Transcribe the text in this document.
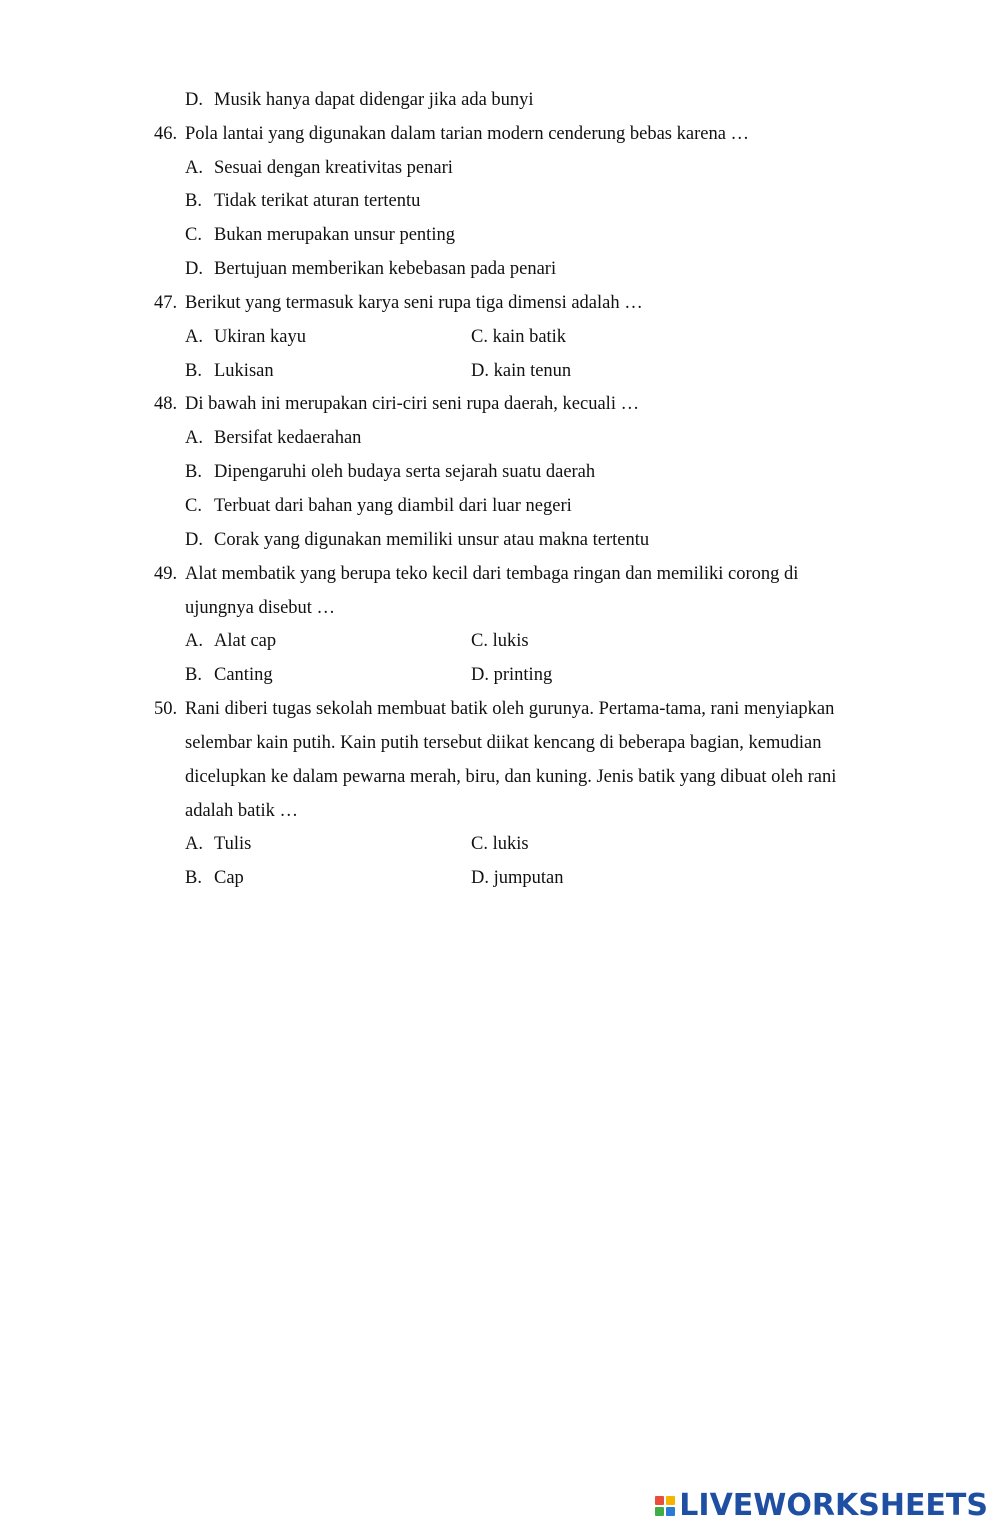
D. Musik hanya dapat didengar jika ada bunyi
46. Pola lantai yang digunakan dalam tarian modern cenderung bebas karena …
A. Sesuai dengan kreativitas penari
B. Tidak terikat aturan tertentu
C. Bukan merupakan unsur penting
D. Bertujuan memberikan kebebasan pada penari
47. Berikut yang termasuk karya seni rupa tiga dimensi adalah …
A. Ukiran kayu	C. kain batik
B. Lukisan	D. kain tenun
48. Di bawah ini merupakan ciri-ciri seni rupa daerah, kecuali …
A. Bersifat kedaerahan
B. Dipengaruhi oleh budaya serta sejarah suatu daerah
C. Terbuat dari bahan yang diambil dari luar negeri
D. Corak yang digunakan memiliki unsur atau makna tertentu
49. Alat membatik yang berupa teko kecil dari tembaga ringan dan memiliki corong di
ujungnya disebut …
A. Alat cap	C. lukis
B. Canting	D. printing
50. Rani diberi tugas sekolah membuat batik oleh gurunya. Pertama-tama, rani menyiapkan
selembar kain putih. Kain putih tersebut diikat kencang di beberapa bagian, kemudian
dicelupkan ke dalam pewarna merah, biru, dan kuning. Jenis batik yang dibuat oleh rani
adalah batik …
A. Tulis	C. lukis
B. Cap	D. jumputan
LIVEWORKSHEETS
